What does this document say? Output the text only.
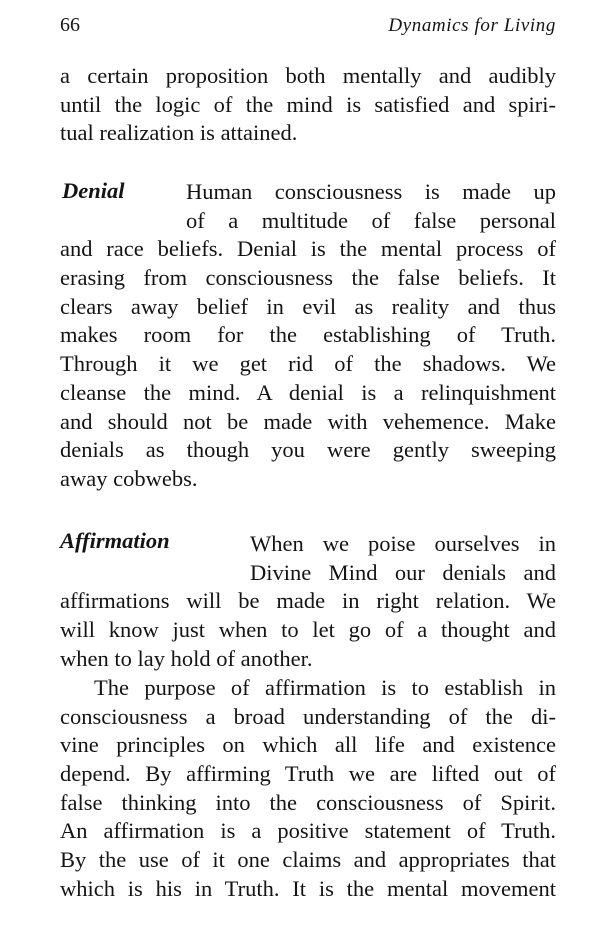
66	Dynamics for Living
a certain proposition both mentally and audibly
until the logic of the mind is satisfied and spiri-
tual realization is attained.
Denial	Human consciousness is made up
of a multitude of false personal
and race beliefs. Denial is the mental process of
erasing from consciousness the false beliefs. It
clears away belief in evil as reality and thus
makes room for the establishing of Truth.
Through it we get rid of the shadows. We
cleanse the mind. A denial is a relinquishment
and should not be made with vehemence. Make
denials as though you were gently sweeping
away cobwebs.
Affirmation	When we poise ourselves in
Divine Mind our denials and
affirmations will be made in right relation. We
will know just when to let go of a thought and
when to lay hold of another.
The purpose of affirmation is to establish in
consciousness a broad understanding of the di-
vine principles on which all life and existence
depend. By affirming Truth we are lifted out of
false thinking into the consciousness of Spirit.
An affirmation is a positive statement of Truth.
By the use of it one claims and appropriates that
which is his in Truth. It is the mental movement
